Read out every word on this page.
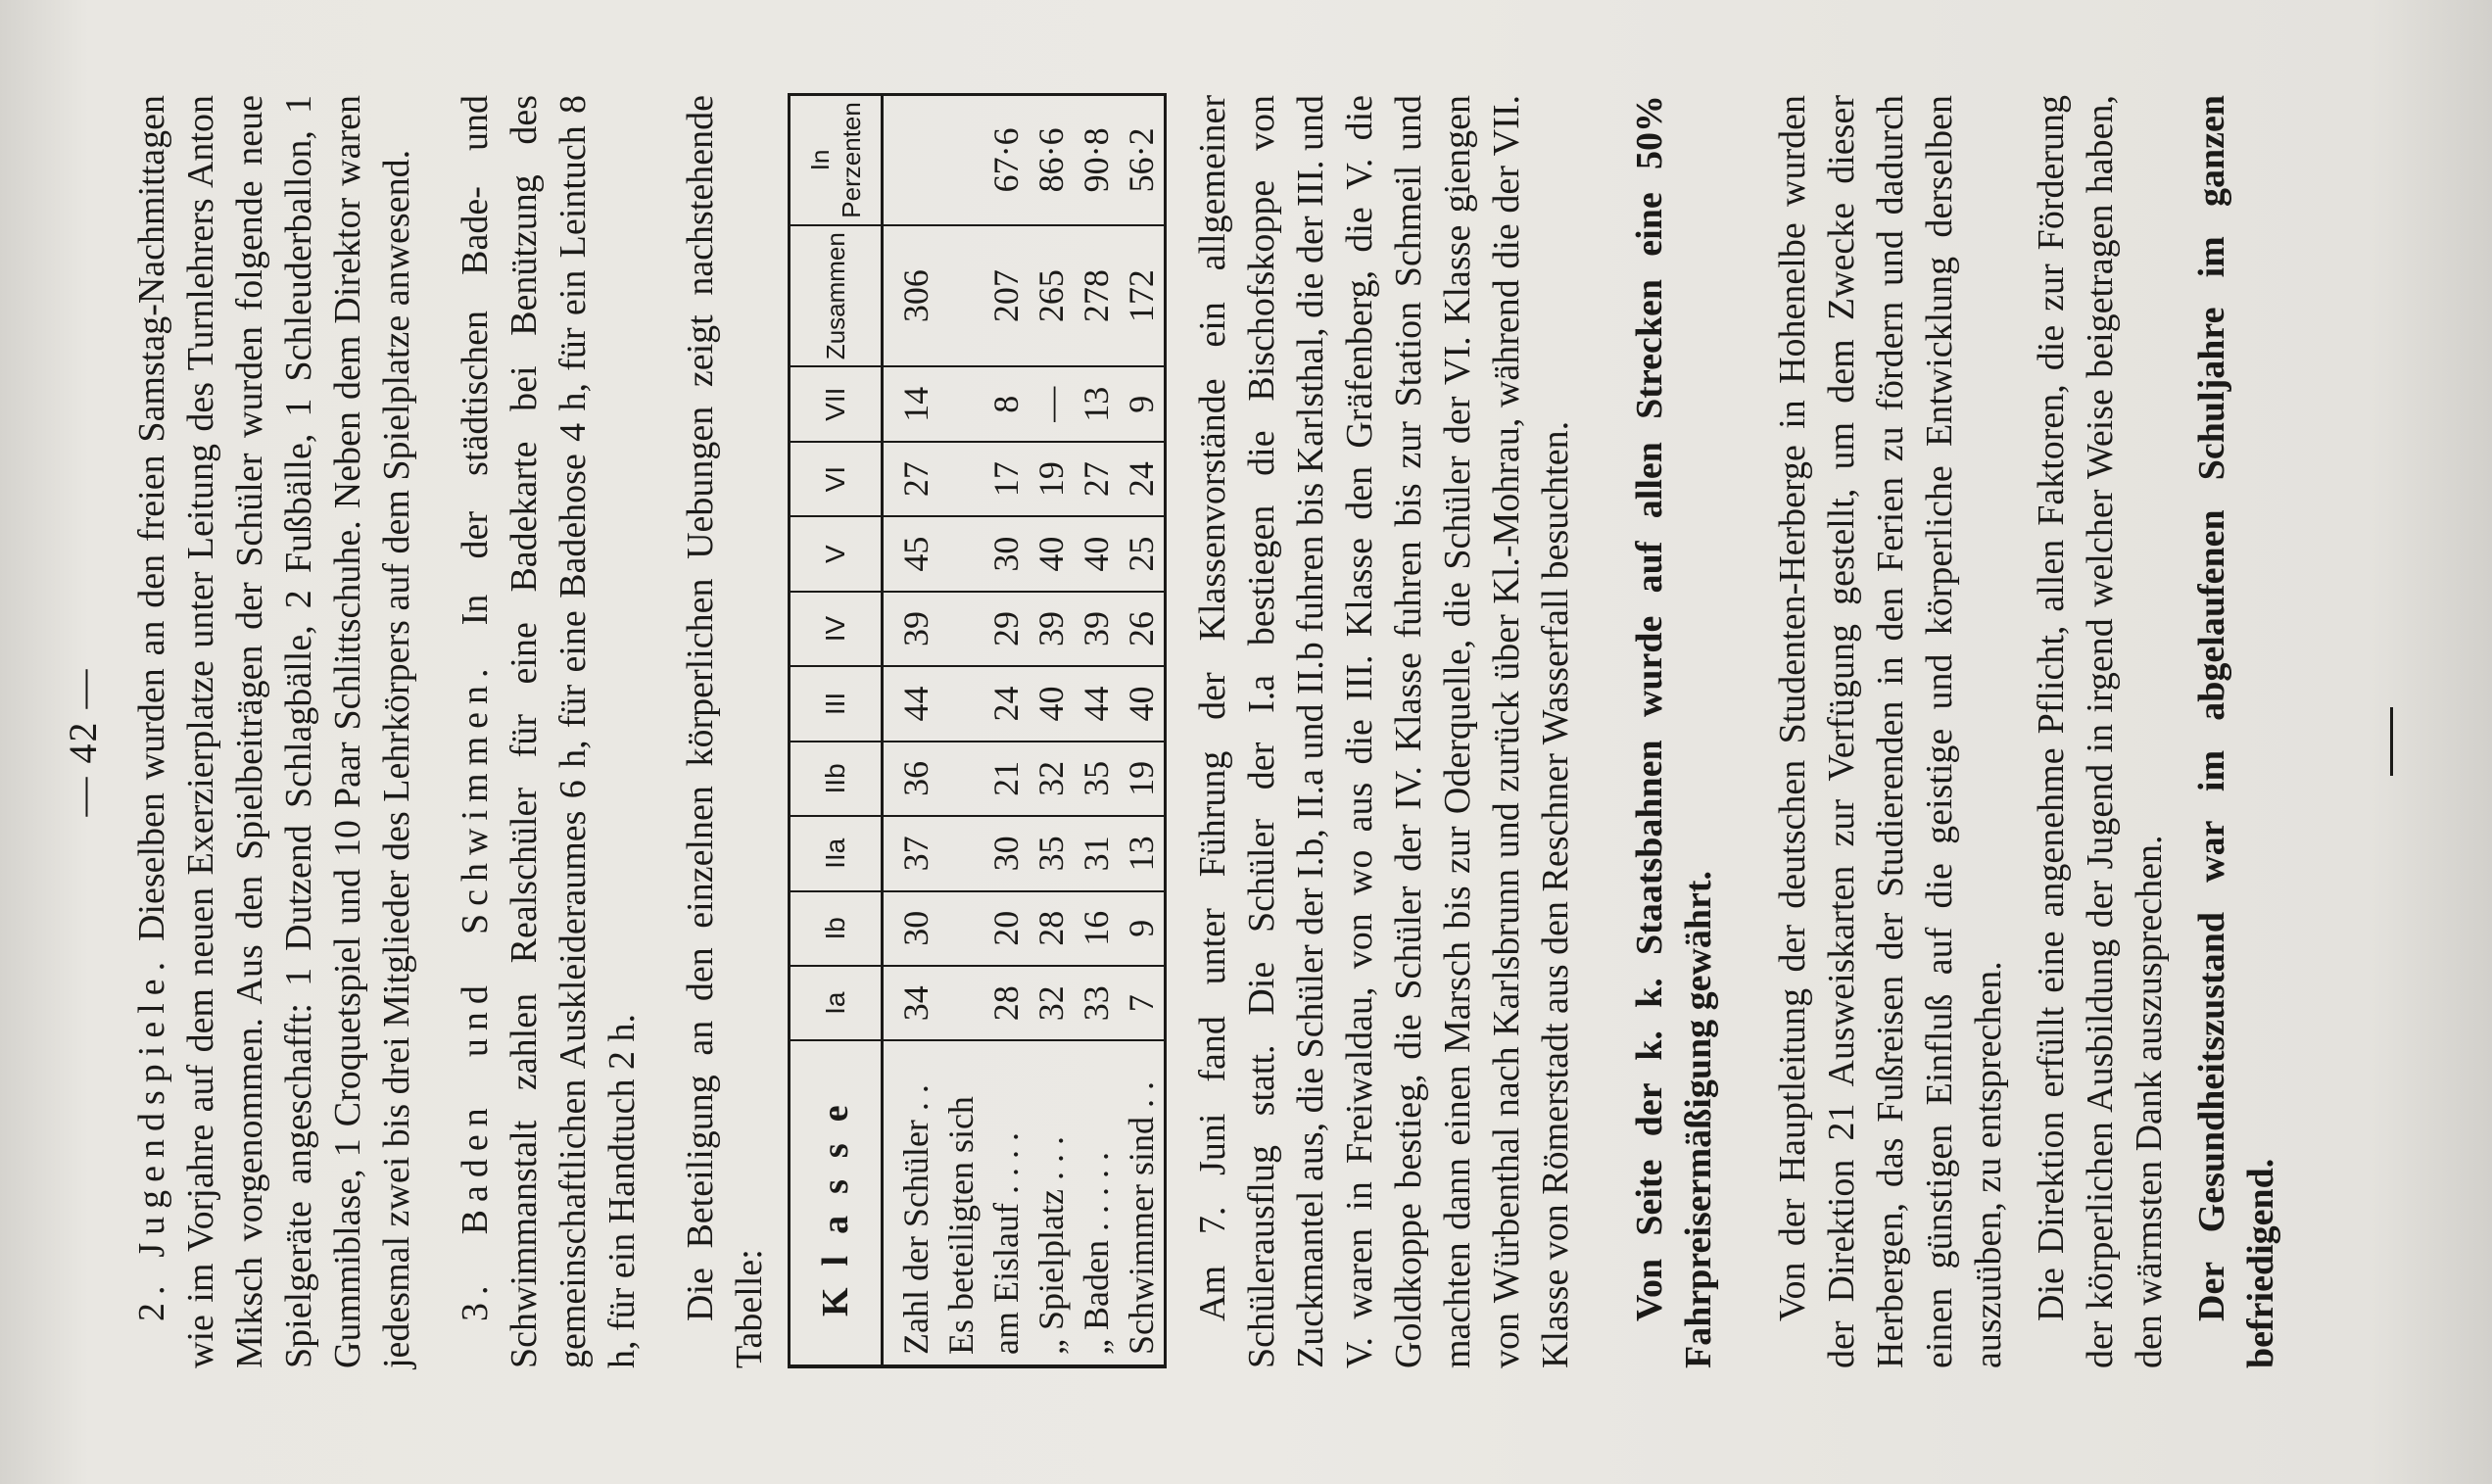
— 42 —

2. Jugendspiele. Dieselben wurden an den freien Samstag-Nachmittagen wie im Vorjahre auf dem neuen Exerzierplatze unter Leitung des Turnlehrers Anton Miksch vorgenommen. Aus den Spielbeiträgen der Schüler wurden folgende neue Spielgeräte angeschafft: 1 Dutzend Schlagbälle, 2 Fußbälle, 1 Schleuderballon, 1 Gummiblase, 1 Croquetspiel und 10 Paar Schlittschuhe. Neben dem Direktor waren jedesmal zwei bis drei Mitglieder des Lehrkörpers auf dem Spielplatze anwesend. 3. Baden und Schwimmen. In der städtischen Bade- und Schwimmanstalt zahlen Realschüler für eine Badekarte bei Benützung des gemeinschaftlichen Auskleideraumes 6 h, für eine Badehose 4 h, für ein Leintuch 8 h, für ein Handtuch 2 h. Die Beteiligung an den einzelnen körperlichen Uebungen zeigt nachstehende Tabelle: Klasse	Ia	Ib	IIa	IIb	III	IV	V	VI	VII	Zusammen	In Perzenten
Zahl der Schüler . .	34	30	37	36	44	39	45	27	14	306	
Es beteiligten sich											
am Eislauf . . . .	28	20	30	21	24	29	30	17	8	207	67·6
„ Spielplatz . . .	32	28	35	32	40	39	40	19	—	265	86·6
„ Baden . . . . .	33	16	31	35	44	39	40	27	13	278	90·8
Schwimmer sind . .	7	9	13	19	40	26	25	24	9	172	56·2 Am 7. Juni fand unter Führung der Klassenvorstände ein allgemeiner Schülerausflug statt. Die Schüler der I.a bestiegen die Bischofskoppe von Zuckmantel aus, die Schüler der I.b, II.a und II.b fuhren bis Karlsthal, die der III. und V. waren in Freiwaldau, von wo aus die III. Klasse den Gräfenberg, die V. die Goldkoppe bestieg, die Schüler der IV. Klasse fuhren bis zur Station Schmeil und machten dann einen Marsch bis zur Oderquelle, die Schüler der VI. Klasse giengen von Würbenthal nach Karlsbrunn und zurück über Kl.-Mohrau, während die der VII. Klasse von Römerstadt aus den Reschner Wasserfall besuchten. Von Seite der k. k. Staatsbahnen wurde auf allen Strecken eine 50% Fahrpreisermäßigung gewährt. Von der Hauptleitung der deutschen Studenten-Herberge in Hohenelbe wurden der Direktion 21 Ausweiskarten zur Verfügung gestellt, um dem Zwecke dieser Herbergen, das Fußreisen der Studierenden in den Ferien zu fördern und dadurch einen günstigen Einfluß auf die geistige und körperliche Entwicklung derselben auszuüben, zu entsprechen. Die Direktion erfüllt eine angenehme Pflicht, allen Faktoren, die zur Förderung der körperlichen Ausbildung der Jugend in irgend welcher Weise beigetragen haben, den wärmsten Dank auszusprechen. Der Gesundheitszustand war im abgelaufenen Schuljahre im ganzen befriedigend.
